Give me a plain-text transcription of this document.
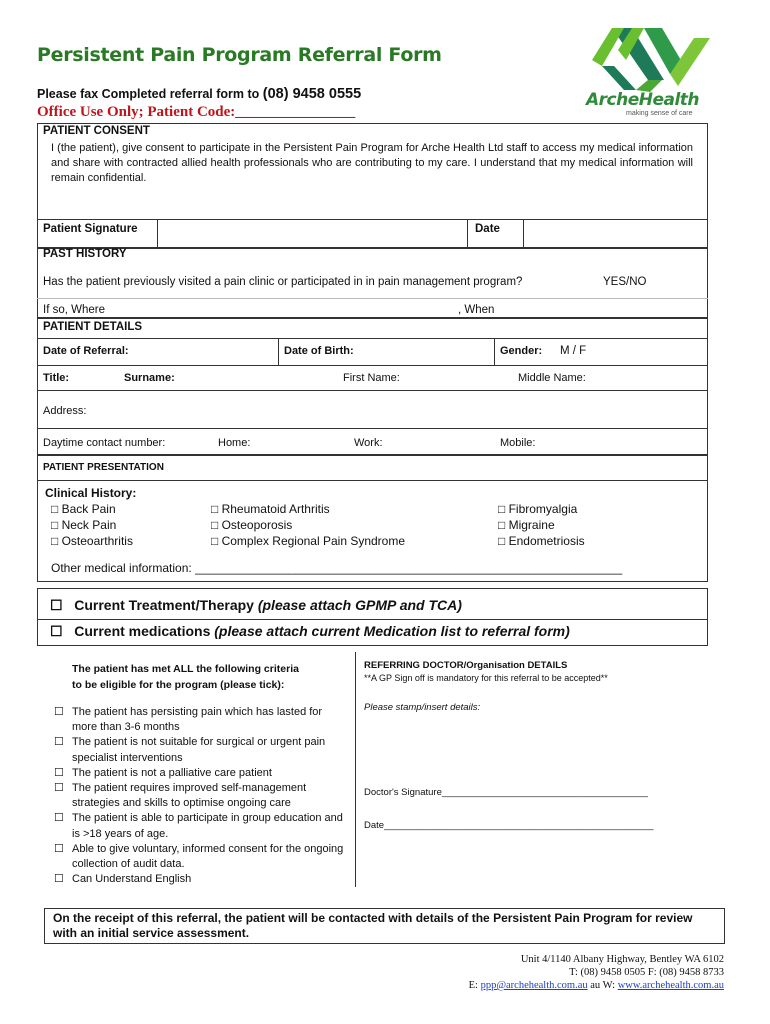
Persistent Pain Program Referral Form
Please fax Completed referral form to (08) 9458 0555
Office Use Only; Patient Code:________________
ArcheHealth
making sense of care
PATIENT CONSENT
I (the patient), give consent to participate in the Persistent Pain Program for Arche Health Ltd staff to access my medical information and share with contracted allied health professionals who are contributing to my care. I understand that my medical information will remain confidential.
Patient Signature	Date
PAST HISTORY
Has the patient previously visited a pain clinic or participated in in pain management program?	YES/NO
If so, Where	, When
PATIENT DETAILS
Date of Referral:	Date of Birth:	Gender: M / F
Title:	Surname:	First Name:	Middle Name:
Address:
Daytime contact number:	Home:	Work:	Mobile:
PATIENT PRESENTATION
Clinical History:
□ Back Pain
□ Neck Pain
□ Osteoarthritis
□ Rheumatoid Arthritis
□ Osteoporosis
□ Complex Regional Pain Syndrome
□ Fibromyalgia
□ Migraine
□ Endometriosis
Other medical information: ________________________________________________________________
☐ Current Treatment/Therapy (please attach GPMP and TCA)
☐ Current medications (please attach current Medication list to referral form)
The patient has met ALL the following criteria
to be eligible for the program (please tick):
☐ The patient has persisting pain which has lasted for more than 3-6 months
☐ The patient is not suitable for surgical or urgent pain specialist interventions
☐ The patient is not a palliative care patient
☐ The patient requires improved self-management strategies and skills to optimise ongoing care
☐ The patient is able to participate in group education and is >18 years of age.
☐ Able to give voluntary, informed consent for the ongoing collection of audit data.
☐ Can Understand English
REFERRING DOCTOR/Organisation DETAILS
**A GP Sign off is mandatory for this referral to be accepted**
Please stamp/insert details:
Doctor's Signature_______________________________________
Date___________________________________________________
On the receipt of this referral, the patient will be contacted with details of the Persistent Pain Program for review with an initial service assessment.
Unit 4/1140 Albany Highway, Bentley WA 6102
T: (08) 9458 0505 F: (08) 9458 8733
E: ppp@archehealth.com.au au W: www.archehealth.com.au
